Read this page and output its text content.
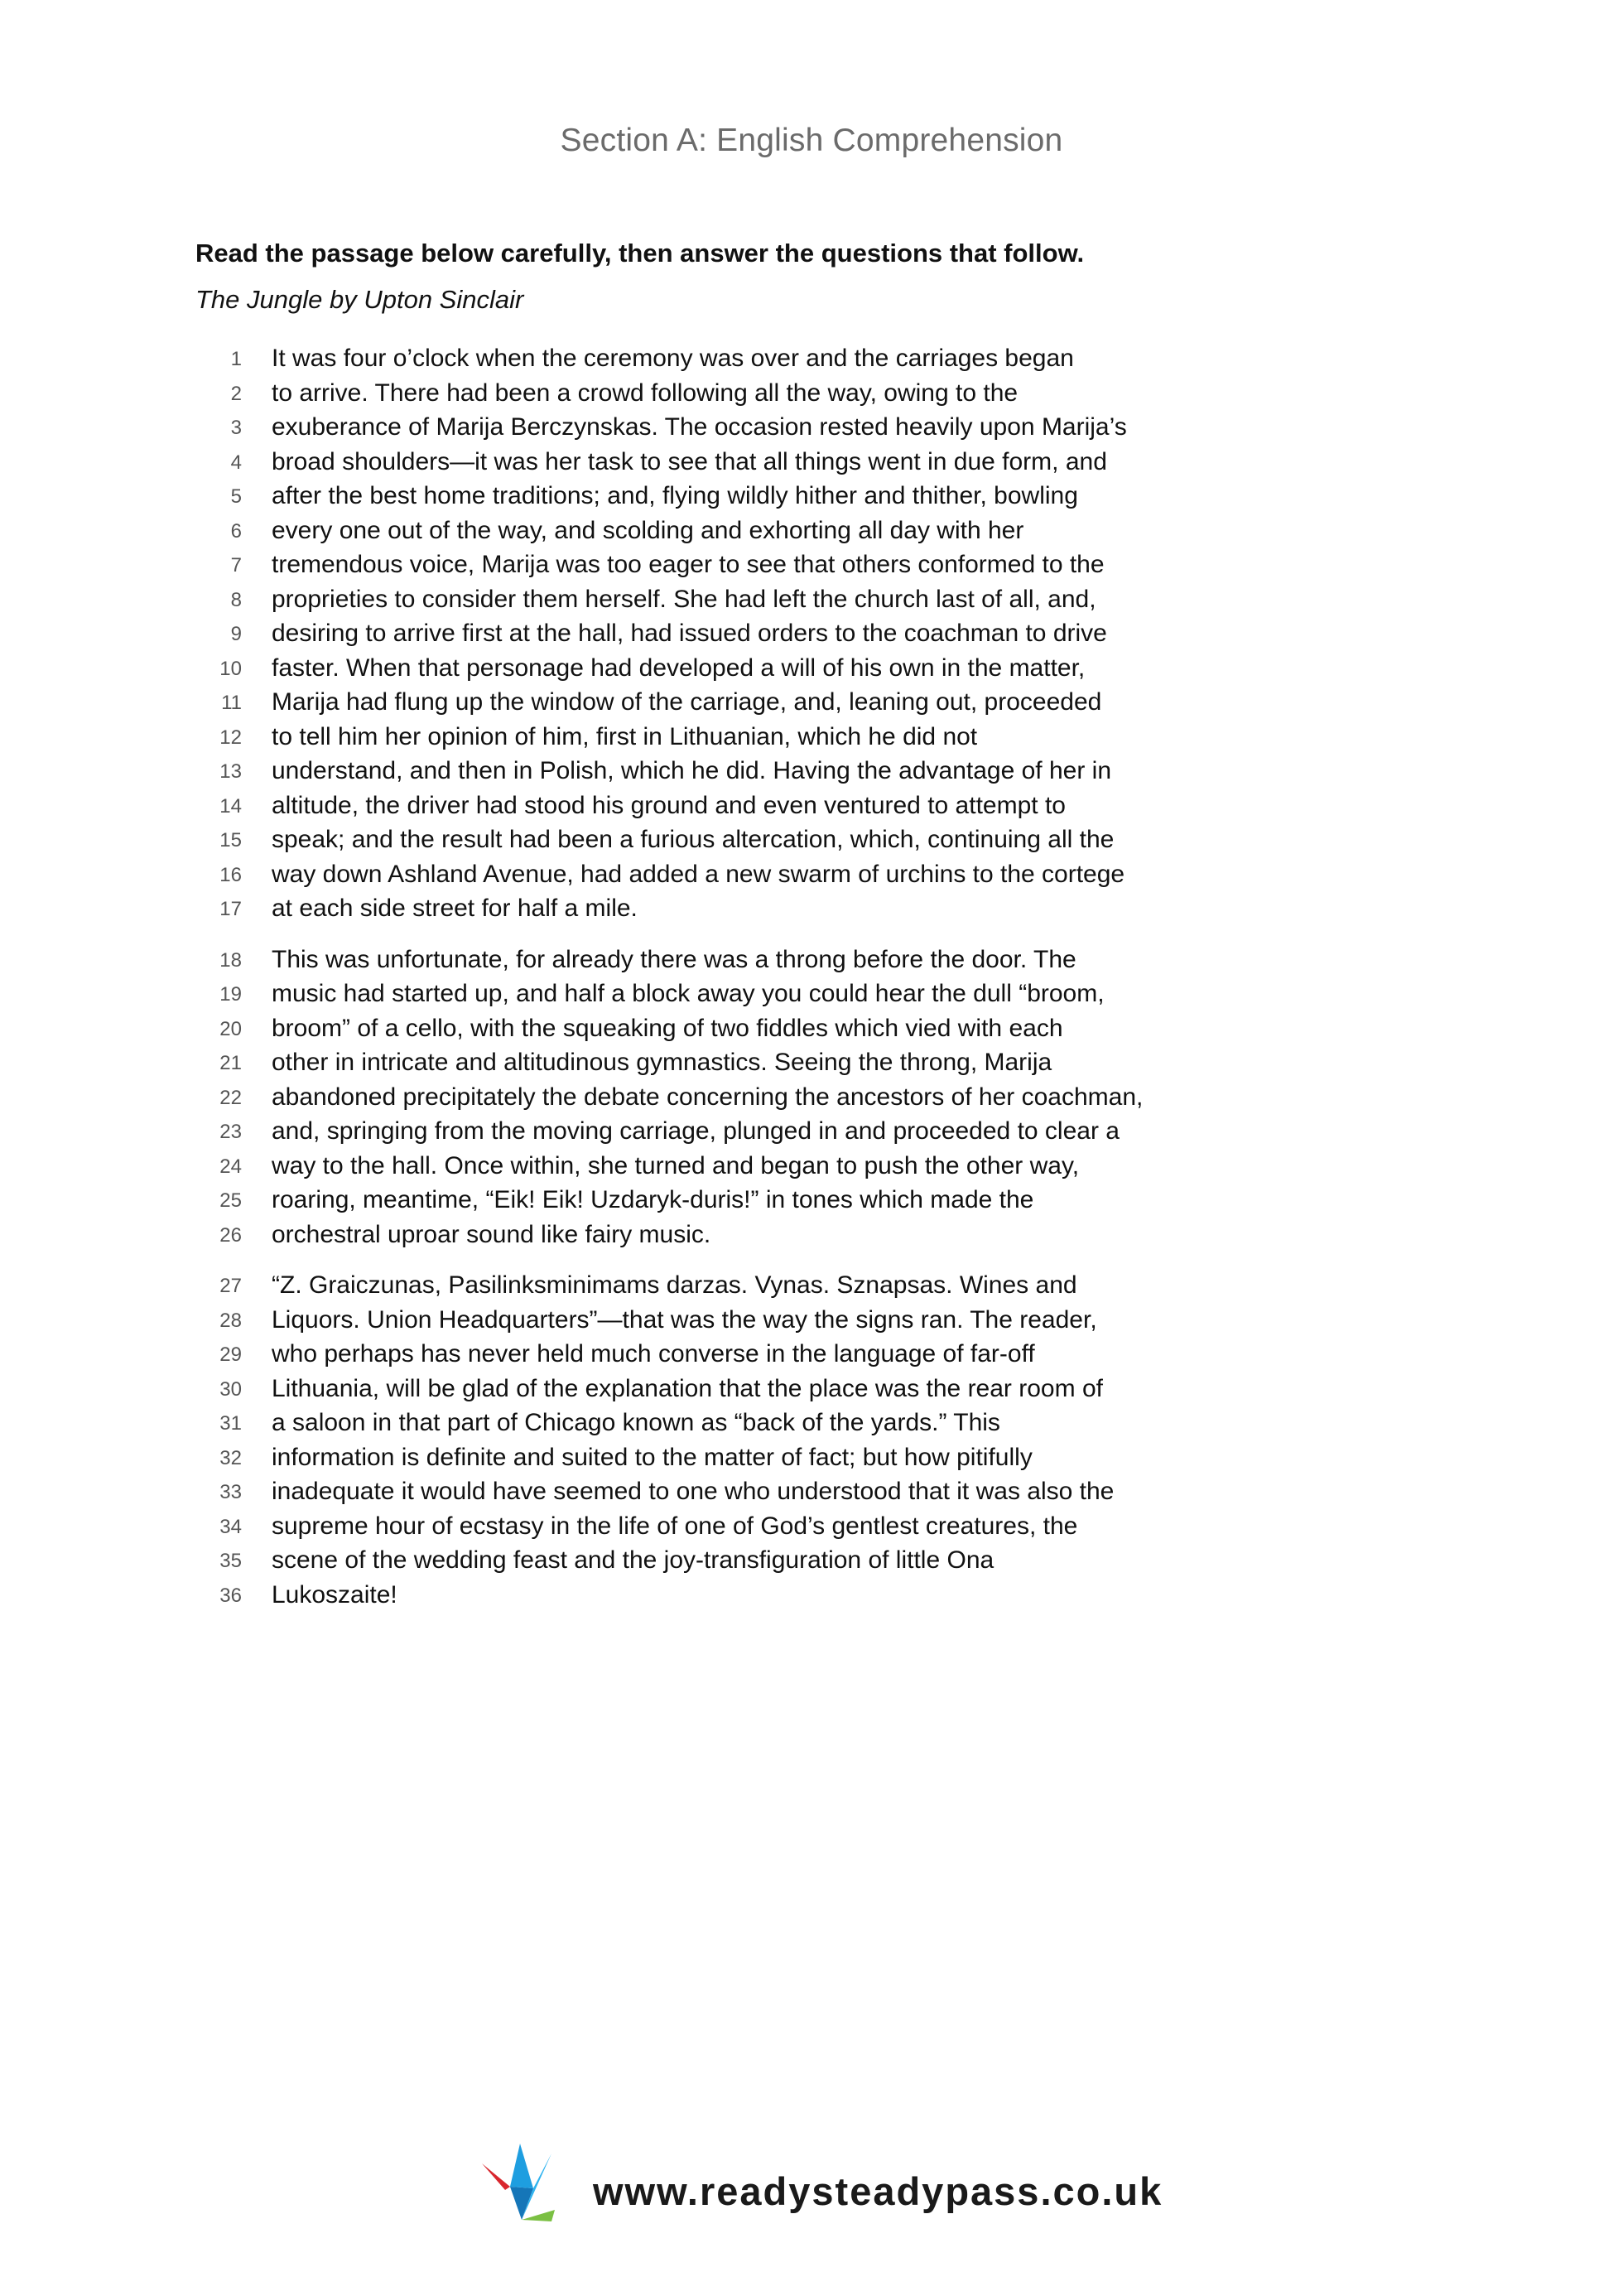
Section A: English Comprehension
Read the passage below carefully, then answer the questions that follow.
The Jungle by Upton Sinclair
1 It was four o’clock when the ceremony was over and the carriages began
2 to arrive. There had been a crowd following all the way, owing to the
3 exuberance of Marija Berczynskas. The occasion rested heavily upon Marija’s
4 broad shoulders—it was her task to see that all things went in due form, and
5 after the best home traditions; and, flying wildly hither and thither, bowling
6 every one out of the way, and scolding and exhorting all day with her
7 tremendous voice, Marija was too eager to see that others conformed to the
8 proprieties to consider them herself. She had left the church last of all, and,
9 desiring to arrive first at the hall, had issued orders to the coachman to drive
10 faster. When that personage had developed a will of his own in the matter,
11 Marija had flung up the window of the carriage, and, leaning out, proceeded
12 to tell him her opinion of him, first in Lithuanian, which he did not
13 understand, and then in Polish, which he did. Having the advantage of her in
14 altitude, the driver had stood his ground and even ventured to attempt to
15 speak; and the result had been a furious altercation, which, continuing all the
16 way down Ashland Avenue, had added a new swarm of urchins to the cortege
17 at each side street for half a mile.
18 This was unfortunate, for already there was a throng before the door. The
19 music had started up, and half a block away you could hear the dull “broom,
20 broom” of a cello, with the squeaking of two fiddles which vied with each
21 other in intricate and altitudinous gymnastics. Seeing the throng, Marija
22 abandoned precipitately the debate concerning the ancestors of her coachman,
23 and, springing from the moving carriage, plunged in and proceeded to clear a
24 way to the hall. Once within, she turned and began to push the other way,
25 roaring, meantime, “Eik! Eik! Uzdaryk-duris!” in tones which made the
26 orchestral uproar sound like fairy music.
27 “Z. Graiczunas, Pasilinksminimams darzas. Vynas. Sznapsas. Wines and
28 Liquors. Union Headquarters”—that was the way the signs ran. The reader,
29 who perhaps has never held much converse in the language of far-off
30 Lithuania, will be glad of the explanation that the place was the rear room of
31 a saloon in that part of Chicago known as “back of the yards.” This
32 information is definite and suited to the matter of fact; but how pitifully
33 inadequate it would have seemed to one who understood that it was also the
34 supreme hour of ecstasy in the life of one of God’s gentlest creatures, the
35 scene of the wedding feast and the joy-transfiguration of little Ona
36 Lukoszaite!
www.readysteadypass.co.uk
